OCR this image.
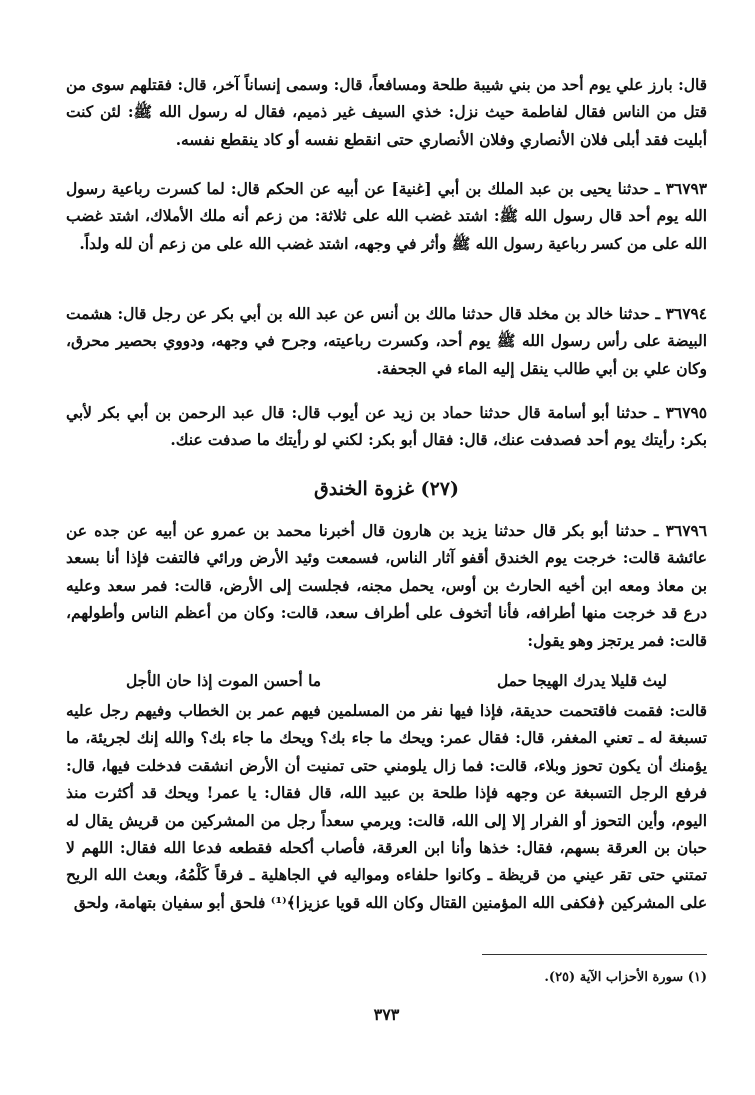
قال: بارز علي يوم أحد من بني شيبة طلحة ومسافعاً، قال: وسمى إنساناً آخر، قال: فقتلهم سوى من قتل من الناس فقال لفاطمة حيث نزل: خذي السيف غير ذميم، فقال له رسول الله ﷺ: لئن كنت أبليت فقد أبلى فلان الأنصاري وفلان الأنصاري حتى انقطع نفسه أو كاد ينقطع نفسه.

٣٦٧٩٣ ـ حدثنا يحيى بن عبد الملك بن أبي [غنية] عن أبيه عن الحكم قال: لما كسرت رباعية رسول الله يوم أحد قال رسول الله ﷺ: اشتد غضب الله على ثلاثة: من زعم أنه ملك الأملاك، اشتد غضب الله على من كسر رباعية رسول الله ﷺ وأثر في وجهه، اشتد غضب الله على من زعم أن لله ولداً.

٣٦٧٩٤ ـ حدثنا خالد بن مخلد قال حدثنا مالك بن أنس عن عبد الله بن أبي بكر عن رجل قال: هشمت البيضة على رأس رسول الله ﷺ يوم أحد، وكسرت رباعيته، وجرح في وجهه، ودووي بحصير محرق، وكان علي بن أبي طالب ينقل إليه الماء في الجحفة.

٣٦٧٩٥ ـ حدثنا أبو أسامة قال حدثنا حماد بن زيد عن أيوب قال: قال عبد الرحمن بن أبي بكر لأبي بكر: رأيتك يوم أحد فصدفت عنك، قال: فقال أبو بكر: لكني لو رأيتك ما صدفت عنك.

(٢٧) غزوة الخندق

٣٦٧٩٦ ـ حدثنا أبو بكر قال حدثنا يزيد بن هارون قال أخبرنا محمد بن عمرو عن أبيه عن جده عن عائشة قالت: خرجت يوم الخندق أقفو آثار الناس، فسمعت وئيد الأرض ورائي فالتفت فإذا أنا بسعد بن معاذ ومعه ابن أخيه الحارث بن أوس، يحمل مجنه، فجلست إلى الأرض، قالت: فمر سعد وعليه درع قد خرجت منها أطرافه، فأنا أتخوف على أطراف سعد، قالت: وكان من أعظم الناس وأطولهم، قالت: فمر يرتجز وهو يقول:

ليث قليلا يدرك الهيجا حمل
ما أحسن الموت إذا حان الأجل

قالت: فقمت فاقتحمت حديقة، فإذا فيها نفر من المسلمين فيهم عمر بن الخطاب وفيهم رجل عليه تسبغة له ـ تعني المغفر، قال: فقال عمر: ويحك ما جاء بك؟ ويحك ما جاء بك؟ والله إنك لجريئة، ما يؤمنك أن يكون تحوز وبلاء، قالت: فما زال يلومني حتى تمنيت أن الأرض انشقت فدخلت فيها، قال: فرفع الرجل التسبغة عن وجهه فإذا طلحة بن عبيد الله، قال فقال: يا عمر! ويحك قد أكثرت منذ اليوم، وأين التحوز أو الفرار إلا إلى الله، قالت: ويرمي سعداً رجل من المشركين من قريش يقال له حبان بن العرقة بسهم، فقال: خذها وأنا ابن العرقة، فأصاب أكحله فقطعه فدعا الله فقال: اللهم لا تمتني حتى تقر عيني من قريظة ـ وكانوا حلفاءه ومواليه في الجاهلية ـ فرقاً كَلْمُهُ، وبعث الله الريح على المشركين ﴿فكفى الله المؤمنين القتال وكان الله قويا عزيزا﴾⁽¹⁾ فلحق أبو سفيان بتهامة، ولحق

(١) سورة الأحزاب الآية (٢٥).

٣٧٣
